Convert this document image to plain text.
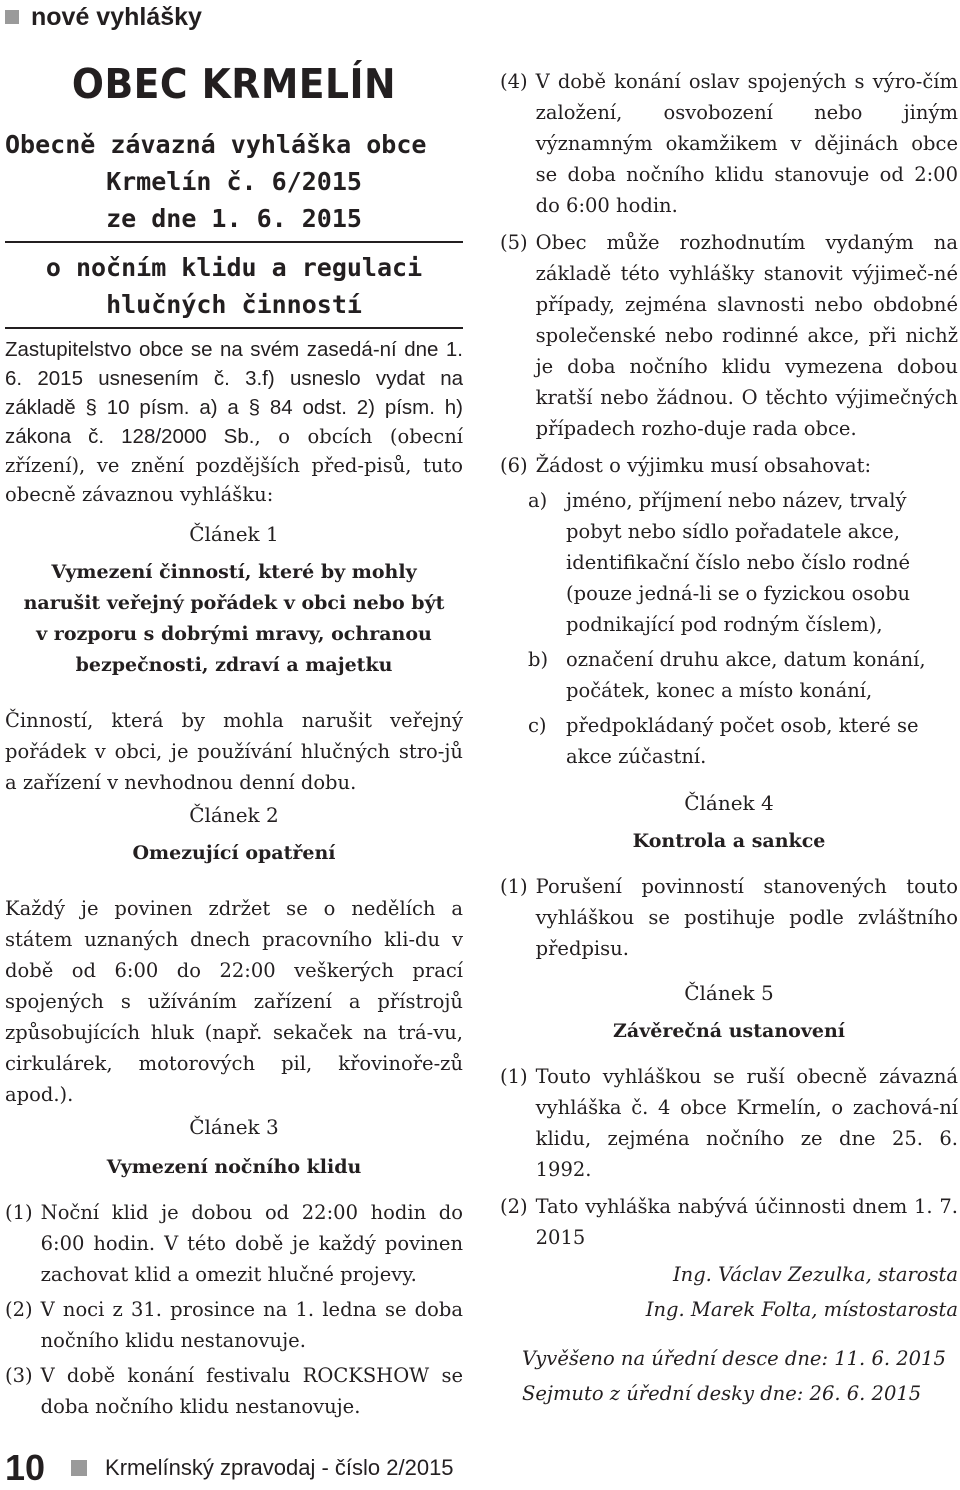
nové vyhlášky
OBEC KRMELÍN
Obecně závazná vyhláška obce
Krmelín č. 6/2015
ze dne 1. 6. 2015
o nočním klidu a regulaci
hlučných činností
Zastupitelstvo obce se na svém zasedá-ní dne 1. 6. 2015 usnesením č. 3.f) usneslo vydat na základě § 10 písm. a) a § 84 odst. 2) písm. h) zákona č. 128/2000 Sb., o obcích (obecní zřízení), ve znění pozdějších před-pisů, tuto obecně závaznou vyhlášku:
Článek 1
Vymezení činností, které by mohly narušit veřejný pořádek v obci nebo být v rozporu s dobrými mravy, ochranou bezpečnosti, zdraví a majetku
Činností, která by mohla narušit veřejný pořádek v obci, je používání hlučných stro-jů a zařízení v nevhodnou denní dobu.
Článek 2
Omezující opatření
Každý je povinen zdržet se o nedělích a státem uznaných dnech pracovního kli-du v době od 6:00 do 22:00 veškerých prací spojených s užíváním zařízení a přístrojů způsobujících hluk (např. sekaček na trá-vu, cirkulárek, motorových pil, křovinoře-zů apod.).
Článek 3
Vymezení nočního klidu
(1) Noční klid je dobou od 22:00 hodin do 6:00 hodin. V této době je každý povinen zachovat klid a omezit hlučné projevy.
(2) V noci z 31. prosince na 1. ledna se doba nočního klidu nestanovuje.
(3) V době konání festivalu ROCKSHOW se doba nočního klidu nestanovuje.
(4) V době konání oslav spojených s výro-čím založení, osvobození nebo jiným významným okamžikem v dějinách obce se doba nočního klidu stanovuje od 2:00 do 6:00 hodin.
(5) Obec může rozhodnutím vydaným na základě této vyhlášky stanovit výjimeč-né případy, zejména slavnosti nebo obdobné společenské nebo rodinné akce, při nichž je doba nočního klidu vymezena dobou kratší nebo žádnou. O těchto výjimečných případech rozho-duje rada obce.
(6) Žádost o výjimku musí obsahovat:
a) jméno, příjmení nebo název, trvalý pobyt nebo sídlo pořadatele akce, identifikační číslo nebo číslo rodné (pouze jedná-li se o fyzickou osobu podnikající pod rodným číslem),
b) označení druhu akce, datum konání, počátek, konec a místo konání,
c) předpokládaný počet osob, které se akce zúčastní.
Článek 4
Kontrola a sankce
(1) Porušení povinností stanovených touto vyhláškou se postihuje podle zvláštního předpisu.
Článek 5
Závěrečná ustanovení
(1) Touto vyhláškou se ruší obecně závazná vyhláška č. 4 obce Krmelín, o zachová-ní klidu, zejména nočního ze dne 25. 6. 1992.
(2) Tato vyhláška nabývá účinnosti dnem 1. 7. 2015
Ing. Václav Zezulka, starosta
Ing. Marek Folta, místostarosta
Vyvěšeno na úřední desce dne: 11. 6. 2015
Sejmuto z úřední desky dne: 26. 6. 2015
10	Krmelínský zpravodaj - číslo 2/2015
